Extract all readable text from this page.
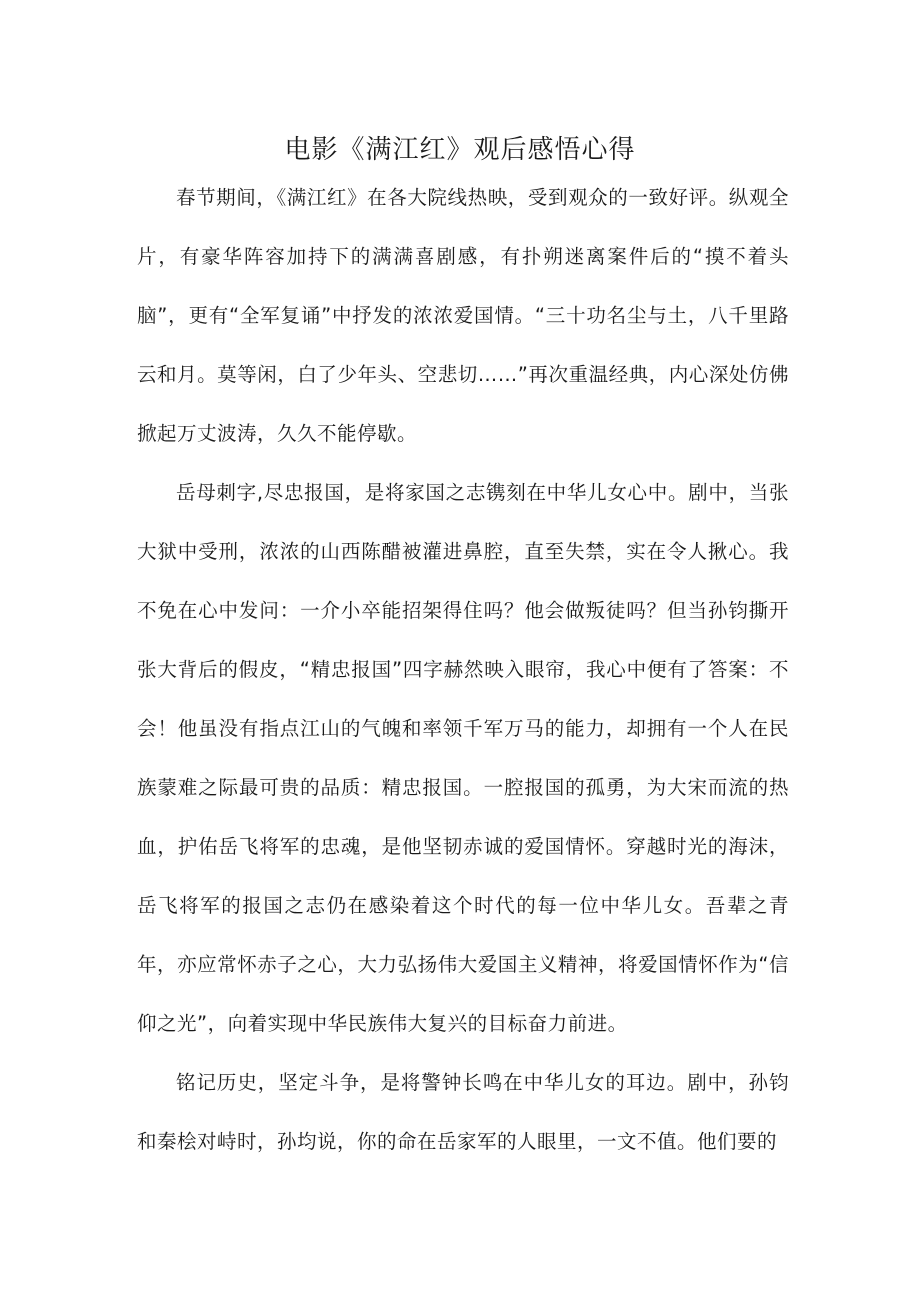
电影《满江红》观后感悟心得

春节期间，《满江红》在各大院线热映，受到观众的一致好评。纵观全片，有豪华阵容加持下的满满喜剧感，有扑朔迷离案件后的“摸不着头脑”，更有“全军复诵”中抒发的浓浓爱国情。“三十功名尘与土，八千里路云和月。莫等闲，白了少年头、空悲切……”再次重温经典，内心深处仿佛掀起万丈波涛，久久不能停歇。

岳母刺字,尽忠报国，是将家国之志镌刻在中华儿女心中。剧中，当张大狱中受刑，浓浓的山西陈醋被灌进鼻腔，直至失禁，实在令人揪心。我不免在心中发问：一介小卒能招架得住吗？他会做叛徒吗？但当孙钧撕开张大背后的假皮，“精忠报国”四字赫然映入眼帘，我心中便有了答案：不会！他虽没有指点江山的气魄和率领千军万马的能力，却拥有一个人在民族蒙难之际最可贵的品质：精忠报国。一腔报国的孤勇，为大宋而流的热血，护佑岳飞将军的忠魂，是他坚韧赤诚的爱国情怀。穿越时光的海沫，岳飞将军的报国之志仍在感染着这个时代的每一位中华儿女。吾辈之青年，亦应常怀赤子之心，大力弘扬伟大爱国主义精神，将爱国情怀作为“信仰之光”，向着实现中华民族伟大复兴的目标奋力前进。

铭记历史，坚定斗争，是将警钟长鸣在中华儿女的耳边。剧中，孙钧和秦桧对峙时，孙均说，你的命在岳家军的人眼里，一文不值。他们要的
